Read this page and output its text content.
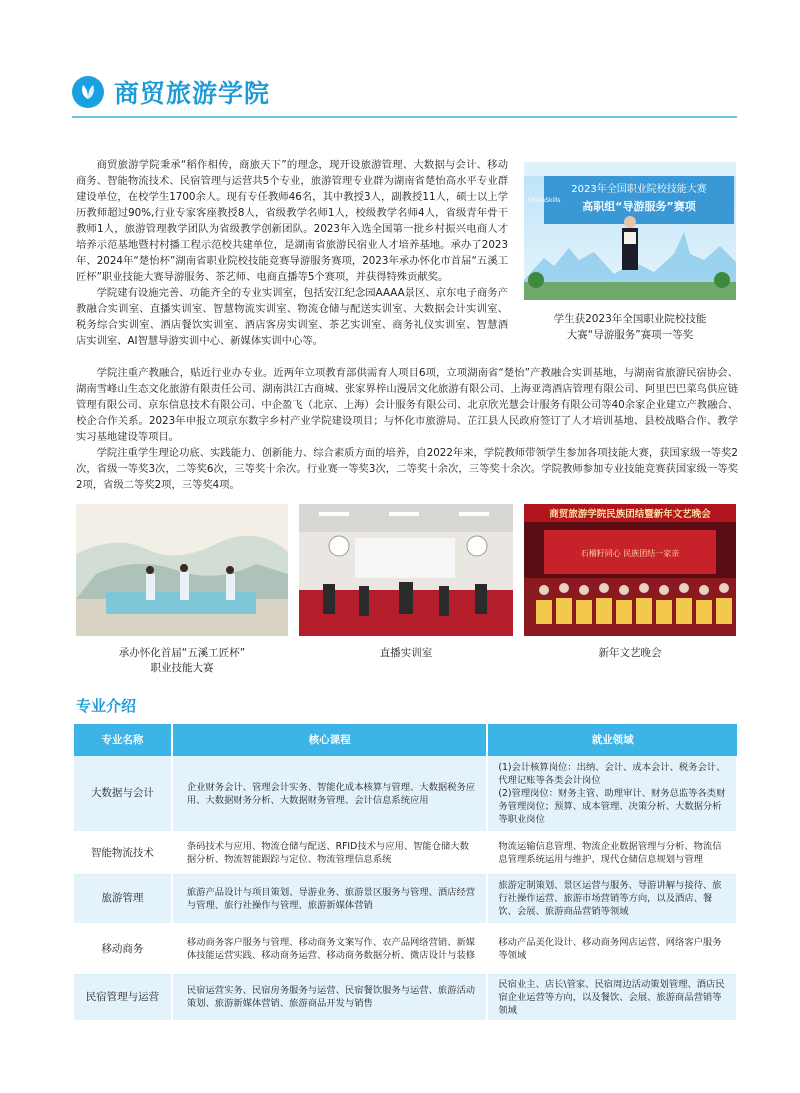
商贸旅游学院

商贸旅游学院秉承“稻作相传，商旅天下”的理念，现开设旅游管理、大数据与会计、移动商务、智能物流技术、民宿管理与运营共5个专业，旅游管理专业群为湖南省楚怡高水平专业群建设单位，在校学生1700余人。现有专任教师46名，其中教授3人，副教授11人，硕士以上学历教师超过90%,行业专家客座教授8人，省级教学名师1人，校级教学名师4人，省级青年骨干教师1人，旅游管理教学团队为省级教学创新团队。2023年入选全国第一批乡村振兴电商人才培养示范基地暨村村播工程示范校共建单位，是湖南省旅游民宿业人才培养基地。承办了2023年、2024年“楚怡杯”湖南省职业院校技能竞赛导游服务赛项，2023年承办怀化市首届“五溪工匠杯”职业技能大赛导游服务、茶艺师、电商直播等5个赛项，并获得特殊贡献奖。

学院建有设施完善、功能齐全的专业实训室，包括安江纪念园AAAA景区、京东电子商务产教融合实训室、直播实训室、智慧物流实训室、物流仓储与配送实训室、大数据会计实训室、税务综合实训室、酒店餐饮实训室、酒店客房实训室、茶艺实训室、商务礼仪实训室、智慧酒店实训室、AI智慧导游实训中心、新媒体实训中心等。

2023年全国职业院校技能大赛
高职组“导游服务”赛项
ChinaSkills
学生获2023年全国职业院校技能
大赛“导游服务”赛项一等奖

学院注重产教融合，贴近行业办专业。近两年立项教育部供需育人项目6项，立项湖南省“楚怡”产教融合实训基地，与湖南省旅游民宿协会、湖南雪峰山生态文化旅游有限责任公司、湖南洪江古商城、张家界梓山漫居文化旅游有限公司、上海亚湾酒店管理有限公司、阿里巴巴菜鸟供应链管理有限公司、京东信息技术有限公司、中企盈飞（北京、上海）会计服务有限公司、北京欣光慧会计服务有限公司等40余家企业建立产教融合、校企合作关系。2023年申报立项京东数字乡村产业学院建设项目；与怀化市旅游局、芷江县人民政府签订了人才培训基地、县校战略合作、教学实习基地建设等项目。

学院注重学生理论功底、实践能力、创新能力、综合素质方面的培养，自2022年来，学院教师带领学生参加各项技能大赛，获国家级一等奖2次，省级一等奖3次，二等奖6次，三等奖十余次。行业赛一等奖3次，二等奖十余次，三等奖十余次。学院教师参加专业技能竞赛获国家级一等奖2项，省级二等奖2项，三等奖4项。

承办怀化首届“五溪工匠杯”
职业技能大赛
直播实训室
商贸旅游学院民族团结暨新年文艺晚会
石榴籽同心 民族团结一家亲
新年文艺晚会
专业介绍
专业名称	核心课程	就业领域
大数据与会计	企业财务会计、管理会计实务、智能化成本核算与管理、大数据税务应用、大数据财务分析、大数据财务管理、会计信息系统应用	(1)会计核算岗位：出纳、会计、成本会计、税务会计、代理记账等各类会计岗位
(2)管理岗位：财务主管、助理审计、财务总监等各类财务管理岗位；预算、成本管理、决策分析、大数据分析等职业岗位
智能物流技术	条码技术与应用、物流仓储与配送、RFID技术与应用、智能仓储大数据分析、物流智能跟踪与定位、物流管理信息系统	物流运输信息管理、物流企业数据管理与分析、物流信息管理系统运用与维护、现代仓储信息规划与管理
旅游管理	旅游产品设计与项目策划、导游业务、旅游景区服务与管理、酒店经营与管理、旅行社操作与管理、旅游新媒体营销	旅游定制策划、景区运营与服务、导游讲解与接待、旅行社操作运营、旅游市场营销等方向，以及酒店、餐饮、会展、旅游商品营销等领域
移动商务	移动商务客户服务与管理、移动商务文案写作、农产品网络营销、新媒体技能运营实践、移动商务运营、移动商务数据分析、微店设计与装修	移动产品美化设计、移动商务网店运营、网络客户服务等领域
民宿管理与运营	民宿运营实务、民宿房务服务与运营、民宿餐饮服务与运营、旅游活动策划、旅游新媒体营销、旅游商品开发与销售	民宿业主、店长\管家、民宿周边活动策划管理、酒店民宿企业运营等方向，以及餐饮、会展、旅游商品营销等领域
